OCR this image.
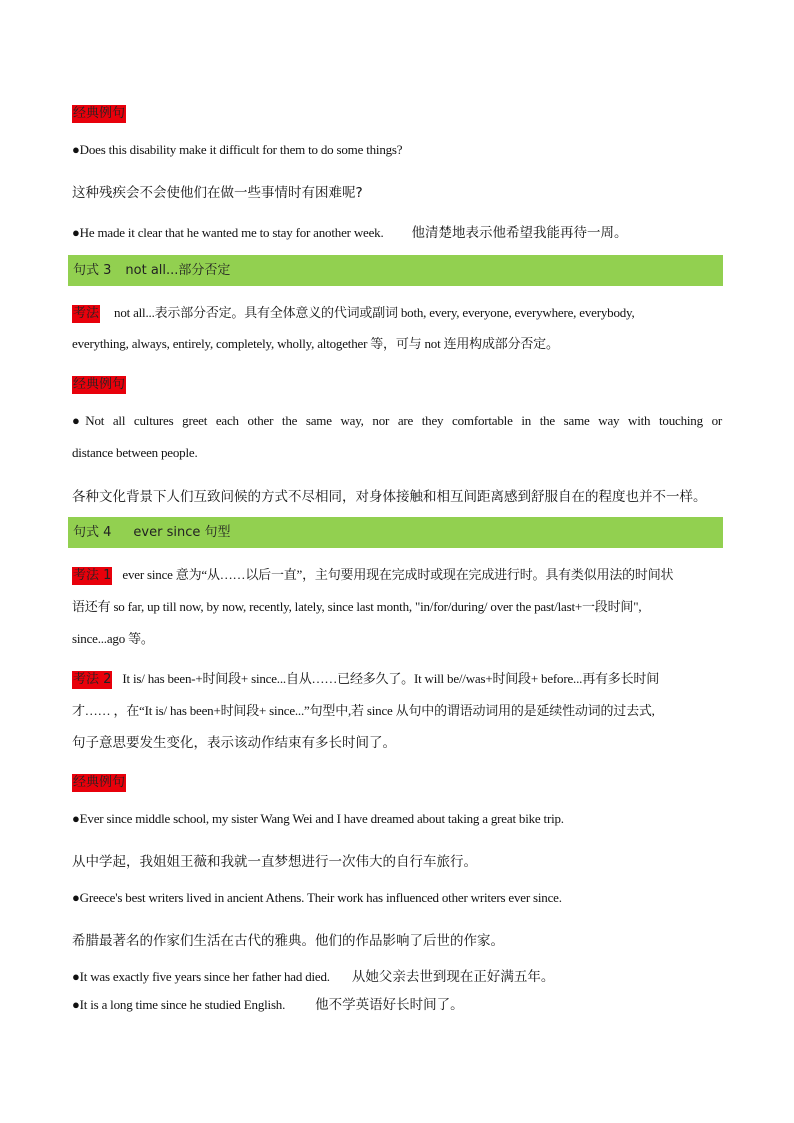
经典例句
●Does this disability make it difficult for them to do some things?
这种残疾会不会使他们在做一些事情时有困难呢?
●He made it clear that he wanted me to stay for another week. 他清楚地表示他希望我能再待一周。
句式 3 not all...部分否定
考法 not all...表示部分否定。具有全体意义的代词或副词 both, every, everyone, everywhere, everybody,
everything, always, entirely, completely, wholly, altogether 等，可与 not 连用构成部分否定。
经典例句
●Not all cultures greet each other the same way, nor are they comfortable in the same way with touching or
distance between people.
各种文化背景下人们互致问候的方式不尽相同，对身体接触和相互间距离感到舒服自在的程度也并不一样。
句式 4 ever since 句型
考法 1 ever since 意为“从……以后一直”，主句要用现在完成时或现在完成进行时。具有类似用法的时间状
语还有 so far, up till now, by now, recently, lately, since last month, "in/for/during/ over the past/last+一段时间",
since...ago 等。
考法 2 It is/ has been-+时间段+ since...自从……已经多久了。It will be//was+时间段+ before...再有多长时间
才…… ，在“It is/ has been+时间段+ since...”句型中,若 since 从句中的谓语动词用的是延续性动词的过去式,
句子意思要发生变化，表示该动作结束有多长时间了。
经典例句
●Ever since middle school, my sister Wang Wei and I have dreamed about taking a great bike trip.
从中学起，我姐姐王薇和我就一直梦想进行一次伟大的自行车旅行。
●Greece's best writers lived in ancient Athens. Their work has influenced other writers ever since.
希腊最著名的作家们生活在古代的雅典。他们的作品影响了后世的作家。
●It was exactly five years since her father had died. 从她父亲去世到现在正好满五年。
●It is a long time since he studied English. 他不学英语好长时间了。
